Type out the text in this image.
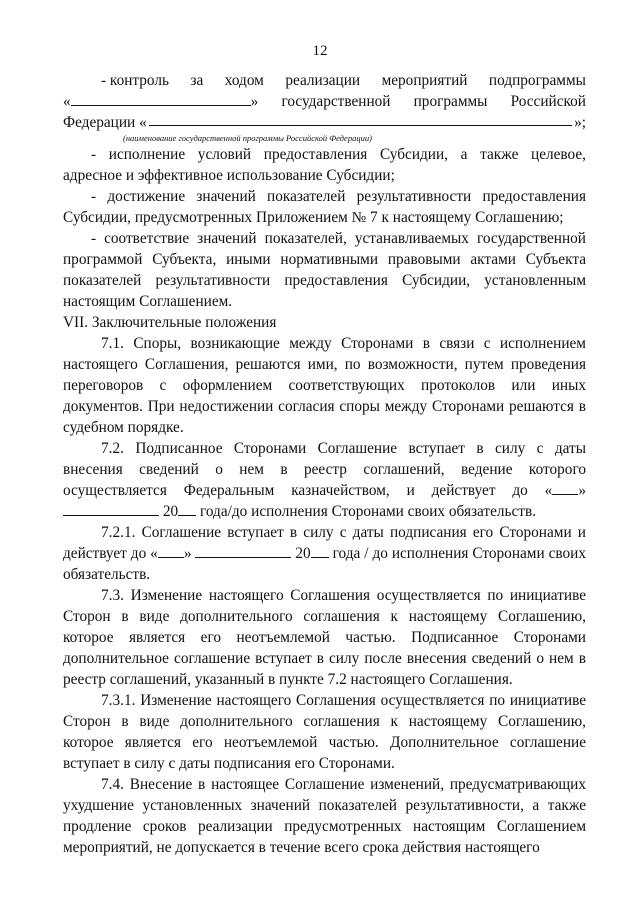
12
- контроль за ходом реализации мероприятий подпрограммы
«	» государственной программы Российской
Федерации «	»;

(наименование государственной программы Российской Федерации)

- исполнение условий предоставления Субсидии, а также целевое, адресное и эффективное использование Субсидии;

- достижение значений показателей результативности предоставления Субсидии, предусмотренных Приложением № 7 к настоящему Соглашению;

- соответствие значений показателей, устанавливаемых государственной программой Субъекта, иными нормативными правовыми актами Субъекта показателей результативности предоставления Субсидии, установленным настоящим Соглашением.

VII. Заключительные положения

7.1. Споры, возникающие между Сторонами в связи с исполнением настоящего Соглашения, решаются ими, по возможности, путем проведения переговоров с оформлением соответствующих протоколов или иных документов. При недостижении согласия споры между Сторонами решаются в судебном порядке.

7.2. Подписанное Сторонами Соглашение вступает в силу с даты внесения сведений о нем в реестр соглашений, ведение которого осуществляется Федеральным казначейством, и действует до « »  20 года/до исполнения Сторонами своих обязательств.

7.2.1. Соглашение вступает в силу с даты подписания его Сторонами и действует до « »	20 года / до исполнения Сторонами своих обязательств.

7.3. Изменение настоящего Соглашения осуществляется по инициативе Сторон в виде дополнительного соглашения к настоящему Соглашению, которое является его неотъемлемой частью. Подписанное Сторонами дополнительное соглашение вступает в силу после внесения сведений о нем в реестр соглашений, указанный в пункте 7.2 настоящего Соглашения.

7.3.1. Изменение настоящего Соглашения осуществляется по инициативе Сторон в виде дополнительного соглашения к настоящему Соглашению, которое является его неотъемлемой частью. Дополнительное соглашение вступает в силу с даты подписания его Сторонами.

7.4. Внесение в настоящее Соглашение изменений, предусматривающих ухудшение установленных значений показателей результативности, а также продление сроков реализации предусмотренных настоящим Соглашением мероприятий, не допускается в течение всего срока действия настоящего
